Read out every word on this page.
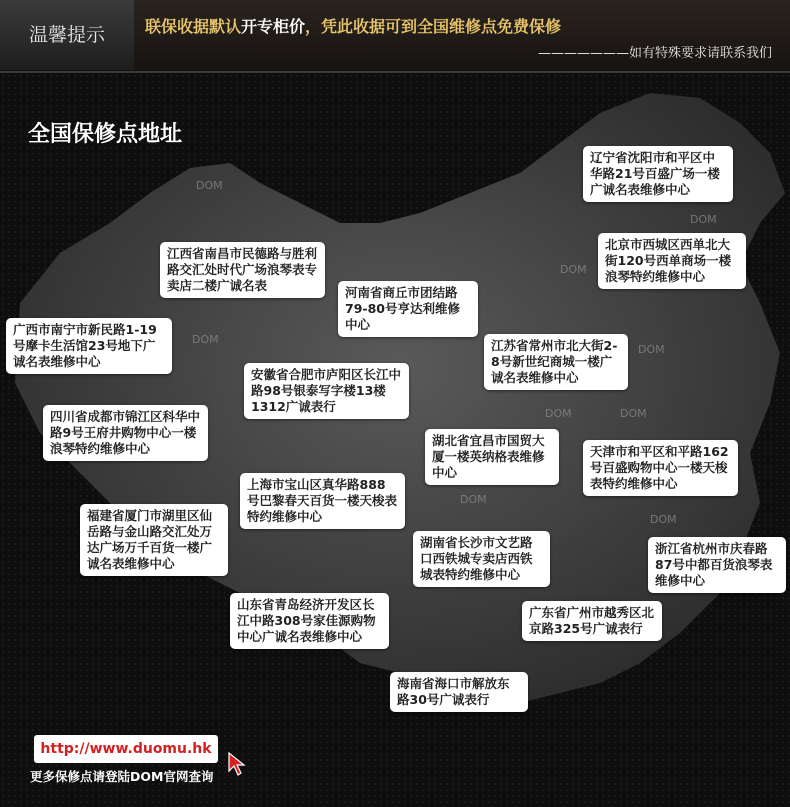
温馨提示	联保收据默认开专柜价，凭此收据可到全国维修点免费保修
———————如有特殊要求请联系我们
全国保修点地址
DOM
DOM
DOM
DOM
DOM
DOM	DOM
DOM
DOM
辽宁省沈阳市和平区中华路21号百盛广场一楼广诚名表维修中心
北京市西城区西单北大街120号西单商场一楼浪琴特约维修中心
江西省南昌市民德路与胜利路交汇处时代广场浪琴表专卖店二楼广诚名表	河南省商丘市团结路79-80号亨达利维修中心
广西市南宁市新民路1-19号摩卡生活馆23号地下广诚名表维修中心
江苏省常州市北大街2-8号新世纪商城一楼广诚名表维修中心
安徽省合肥市庐阳区长江中路98号银泰写字楼13楼1312广诚表行
四川省成都市锦江区科华中路9号王府井购物中心一楼浪琴特约维修中心
湖北省宜昌市国贸大厦一楼英纳格表维修中心
天津市和平区和平路162号百盛购物中心一楼天梭表特约维修中心
上海市宝山区真华路888号巴黎春天百货一楼天梭表特约维修中心
福建省厦门市湖里区仙岳路与金山路交汇处万达广场万千百货一楼广诚名表维修中心
湖南省长沙市文艺路口西铁城专卖店西铁城表特约维修中心
浙江省杭州市庆春路87号中都百货浪琴表维修中心
山东省青岛经济开发区长江中路308号家佳源购物中心广诚名表维修中心
广东省广州市越秀区北京路325号广诚表行
海南省海口市解放东路30号广诚表行
http://www.duomu.hk
更多保修点请登陆DOM官网查询
